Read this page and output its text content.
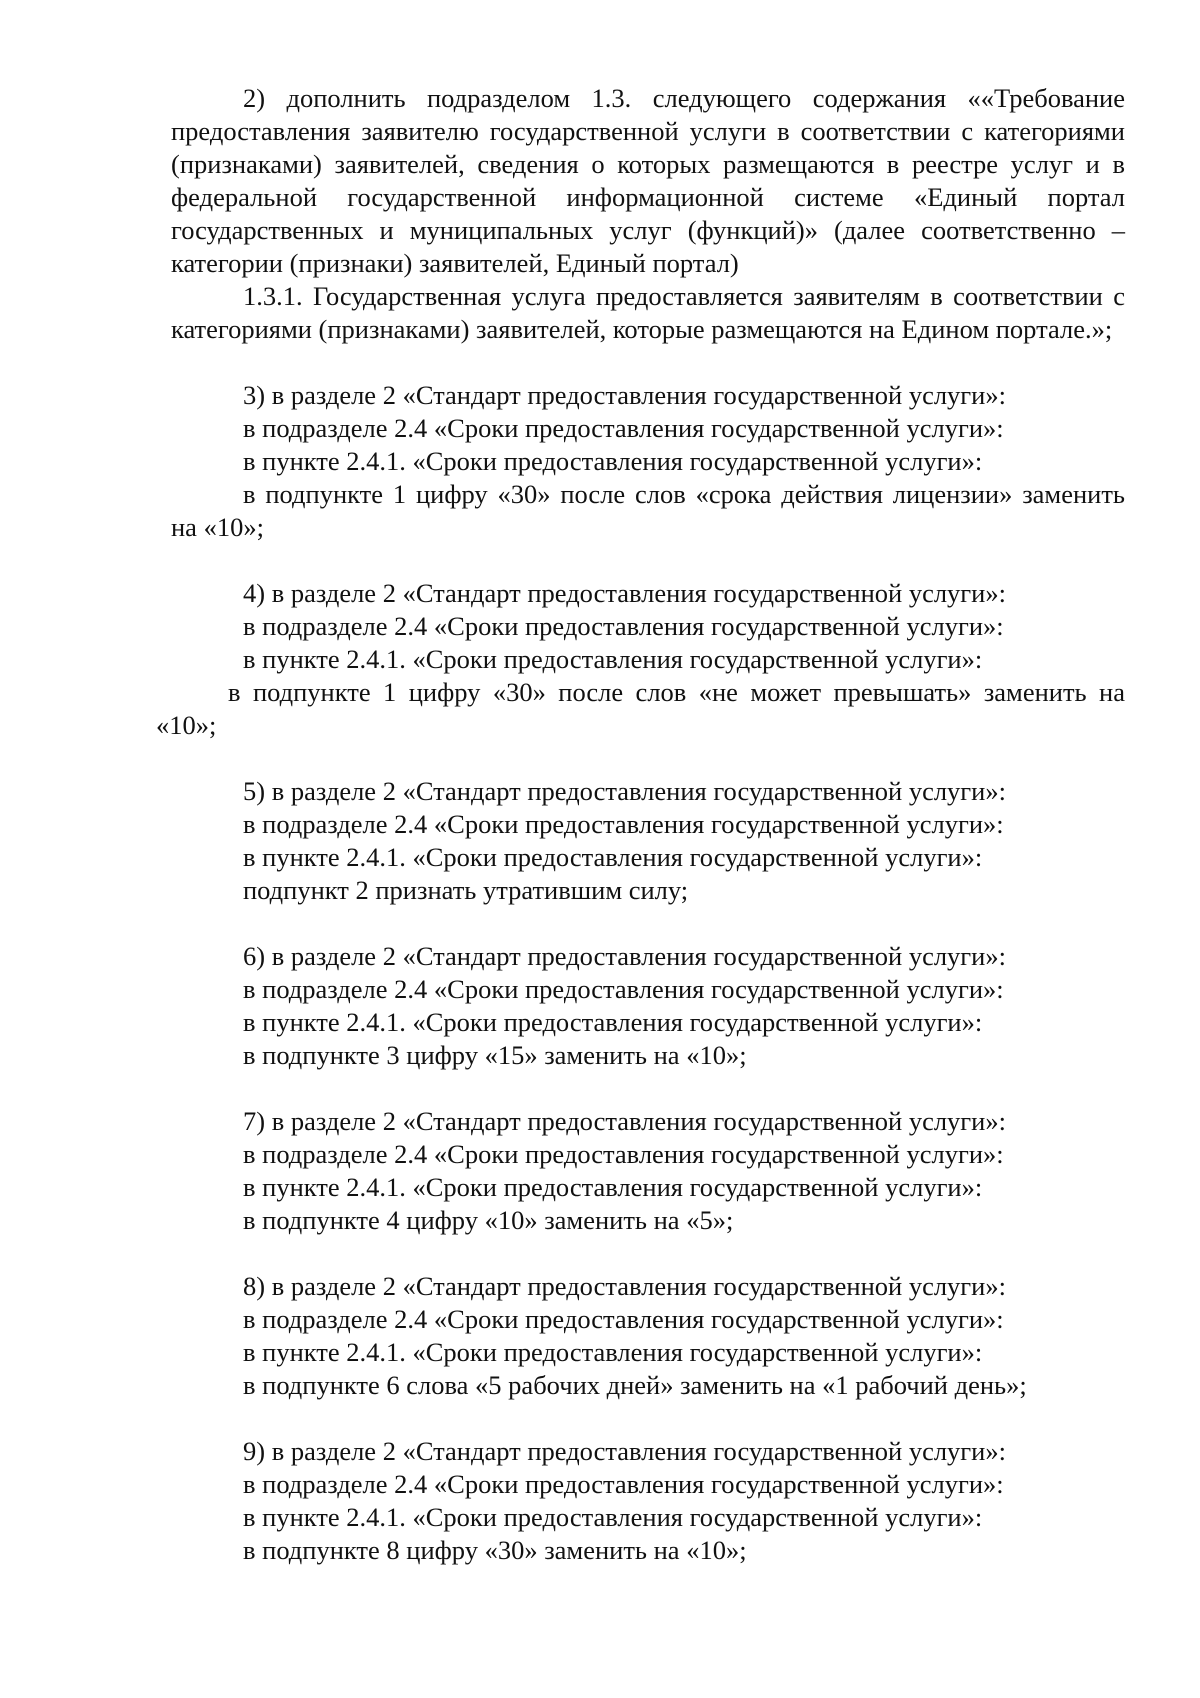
2) дополнить подразделом 1.3. следующего содержания ««Требование предоставления заявителю государственной услуги в соответствии с категориями (признаками) заявителей, сведения о которых размещаются в реестре услуг и в федеральной государственной информационной системе «Единый портал государственных и муниципальных услуг (функций)» (далее соответственно – категории (признаки) заявителей, Единый портал)

1.3.1. Государственная услуга предоставляется заявителям в соответствии с категориями (признаками) заявителей, которые размещаются на Едином портале.»;

3) в разделе 2 «Стандарт предоставления государственной услуги»:

в подразделе 2.4 «Сроки предоставления государственной услуги»:

в пункте 2.4.1. «Сроки предоставления государственной услуги»:

в подпункте 1 цифру «30» после слов «срока действия лицензии» заменить на «10»;

4) в разделе 2 «Стандарт предоставления государственной услуги»:

в подразделе 2.4 «Сроки предоставления государственной услуги»:

в пункте 2.4.1. «Сроки предоставления государственной услуги»:

в подпункте 1 цифру «30» после слов «не может превышать» заменить на «10»;

5) в разделе 2 «Стандарт предоставления государственной услуги»:

в подразделе 2.4 «Сроки предоставления государственной услуги»:

в пункте 2.4.1. «Сроки предоставления государственной услуги»:

подпункт 2 признать утратившим силу;

6) в разделе 2 «Стандарт предоставления государственной услуги»:

в подразделе 2.4 «Сроки предоставления государственной услуги»:

в пункте 2.4.1. «Сроки предоставления государственной услуги»:

в подпункте 3 цифру «15» заменить на «10»;

7) в разделе 2 «Стандарт предоставления государственной услуги»:

в подразделе 2.4 «Сроки предоставления государственной услуги»:

в пункте 2.4.1. «Сроки предоставления государственной услуги»:

в подпункте 4 цифру «10» заменить на «5»;

8) в разделе 2 «Стандарт предоставления государственной услуги»:

в подразделе 2.4 «Сроки предоставления государственной услуги»:

в пункте 2.4.1. «Сроки предоставления государственной услуги»:

в подпункте 6 слова «5 рабочих дней» заменить на «1 рабочий день»;

9) в разделе 2 «Стандарт предоставления государственной услуги»:

в подразделе 2.4 «Сроки предоставления государственной услуги»:

в пункте 2.4.1. «Сроки предоставления государственной услуги»:

в подпункте 8 цифру «30» заменить на «10»;
